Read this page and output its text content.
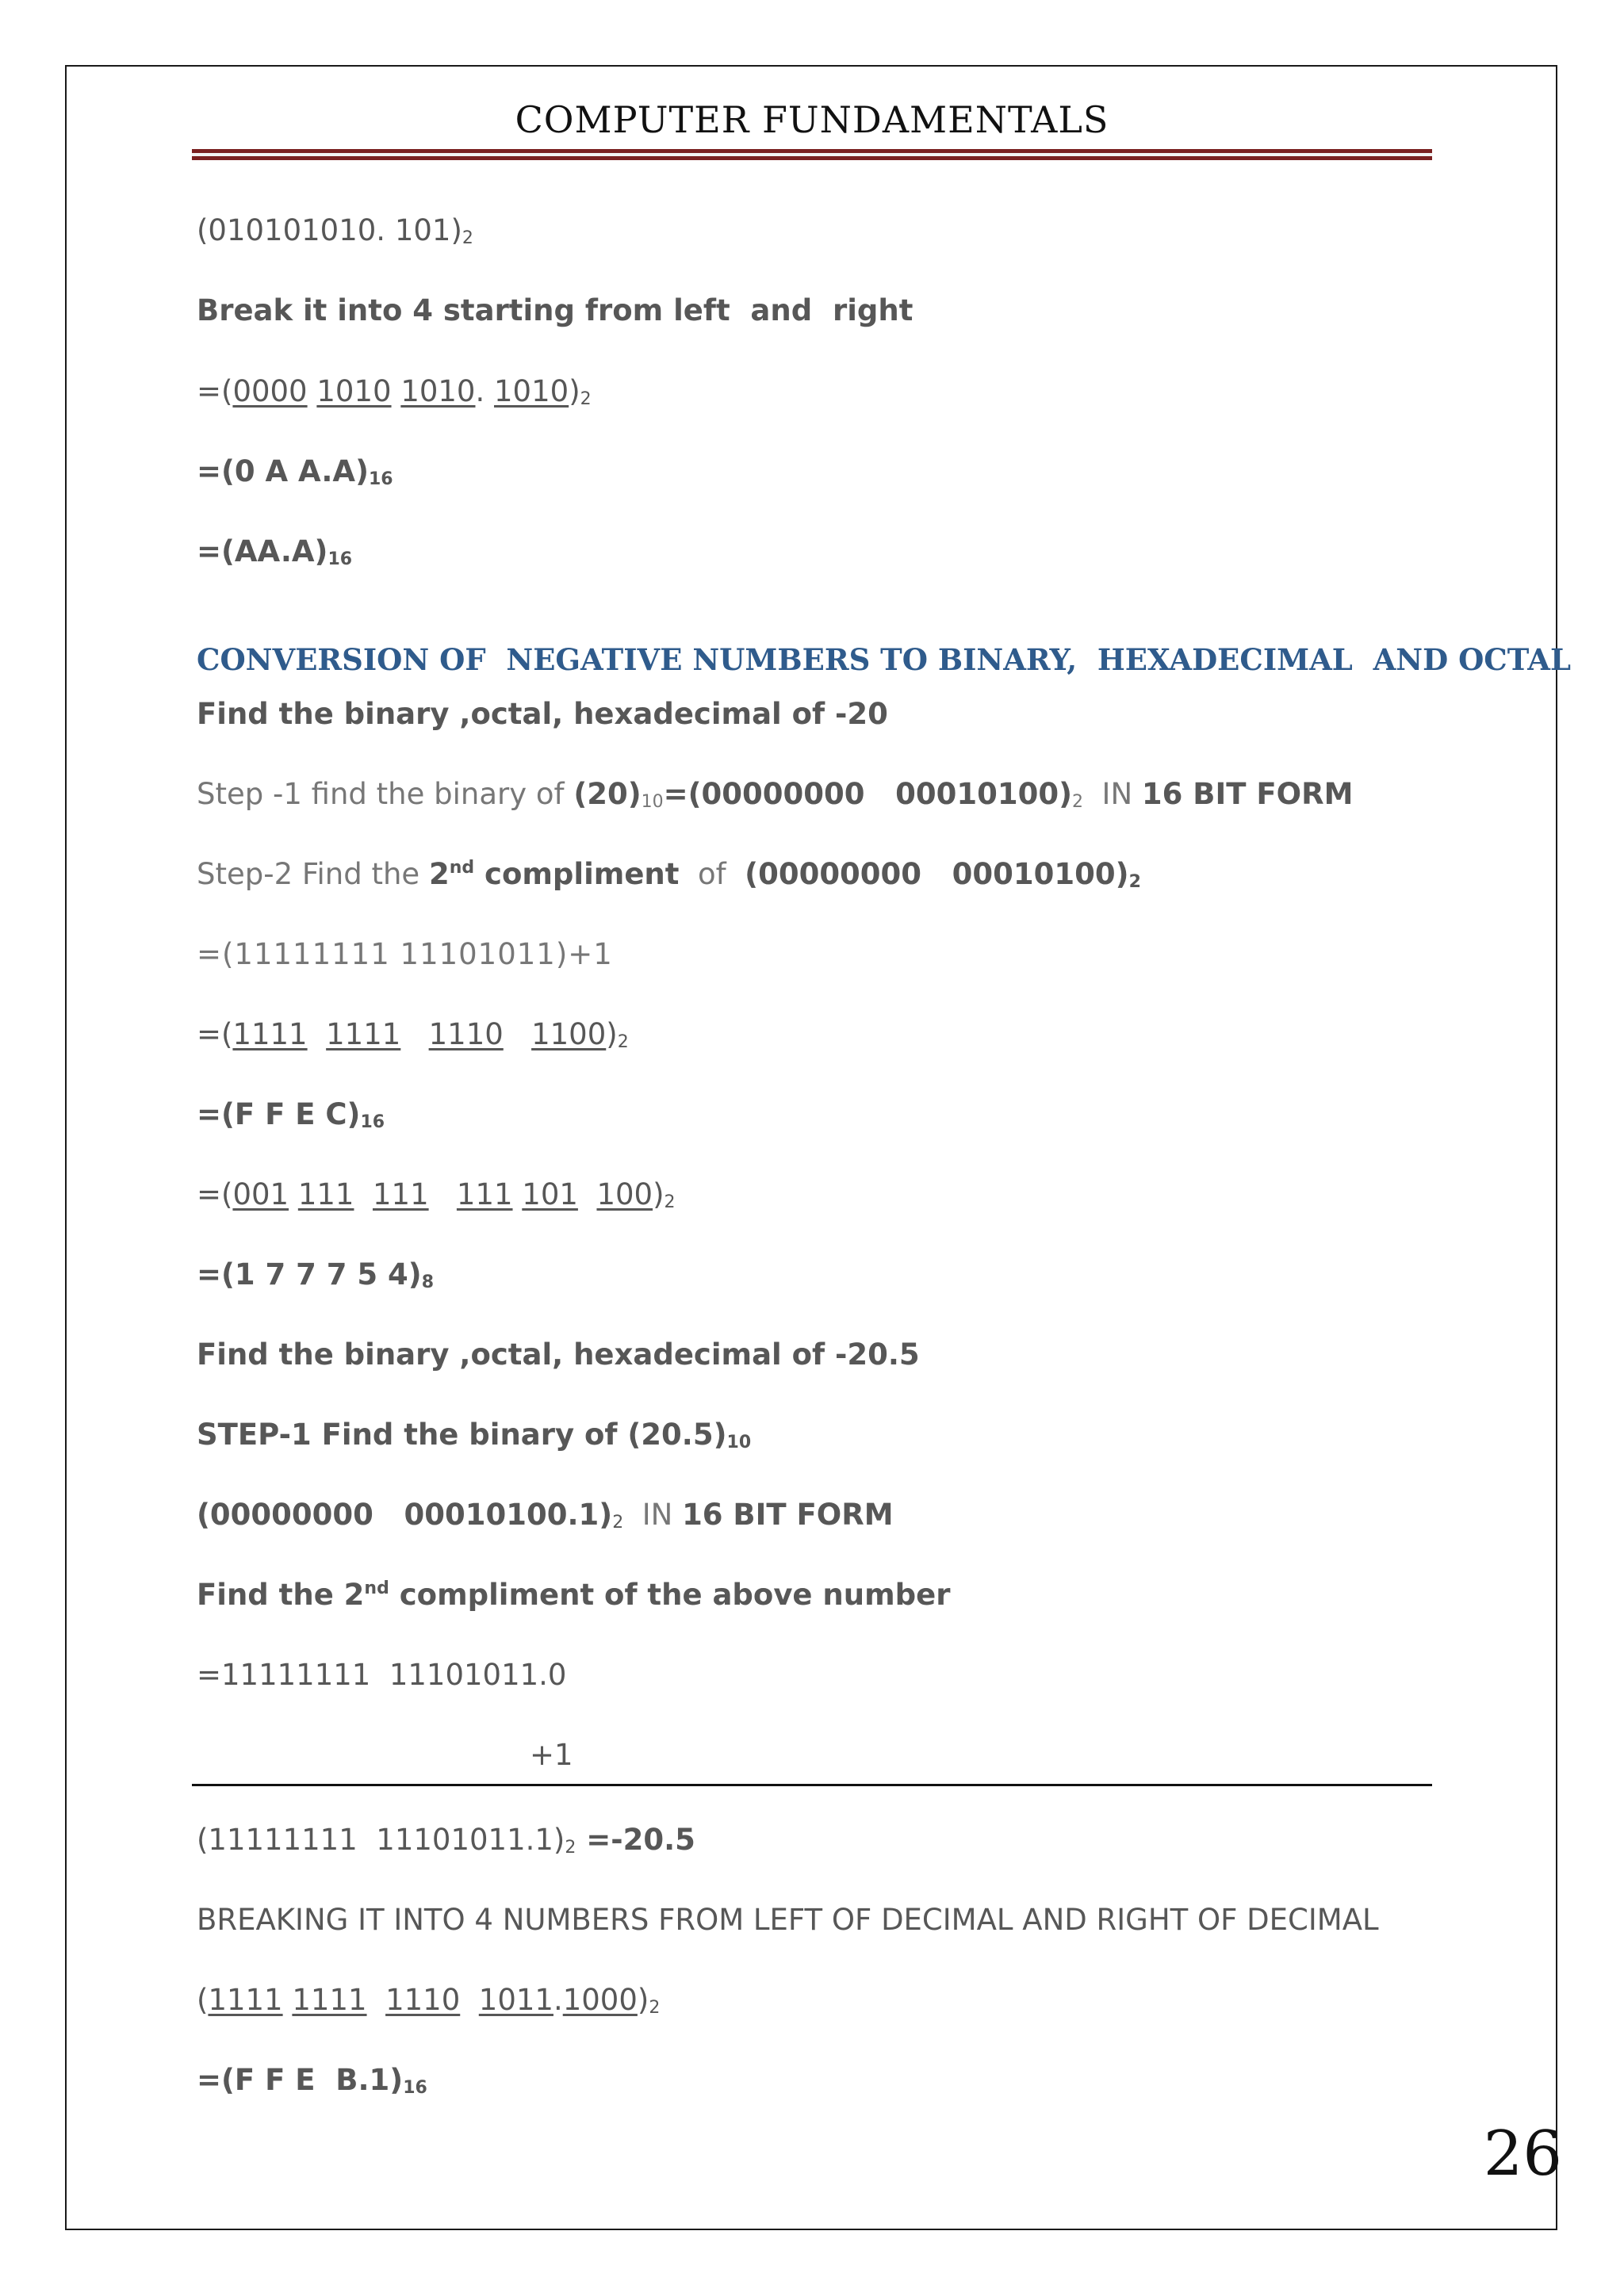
COMPUTER FUNDAMENTALS
(010101010. $101)_2$
Break it into 4 starting from left  and  right
=(0000 1010 1010. $1010)_2$
=(0 A $A.A)_{16}$
$=(AA.A)_{16}$
CONVERSION OF  NEGATIVE NUMBERS TO BINARY,  HEXADECIMAL  AND OCTAL
Find the binary ,octal, hexadecimal of -20
Step -1 find the binary of $(20)_{10}=(00000000$   $00010100)_2$  IN 16 BIT FORM
Step-2 Find the 2nd compliment  of  (00000000   $00010100)_2$
=(11111111 11101011)+1
=(1111 1111 1110 $1100)_2$
=(F F E $C)_{16}$
=(001 111 111 111 101 $100)_2$
=(1 7 7 7 5 $4)_8$
Find the binary ,octal, hexadecimal of -20.5
STEP-1 Find the binary of $(20.5)_{10}$
(00000000   $00010100.1)_2$  IN 16 BIT FORM
Find the 2nd compliment of the above number
=11111111  11101011.0
+1
(11111111  $11101011.1)_2 =-20.5$
BREAKING IT INTO 4 NUMBERS FROM LEFT OF DECIMAL AND RIGHT OF DECIMAL
(1111 1111 1110 $1011.1000)_2$
=(F F E  $B.1)_{16}$
26
